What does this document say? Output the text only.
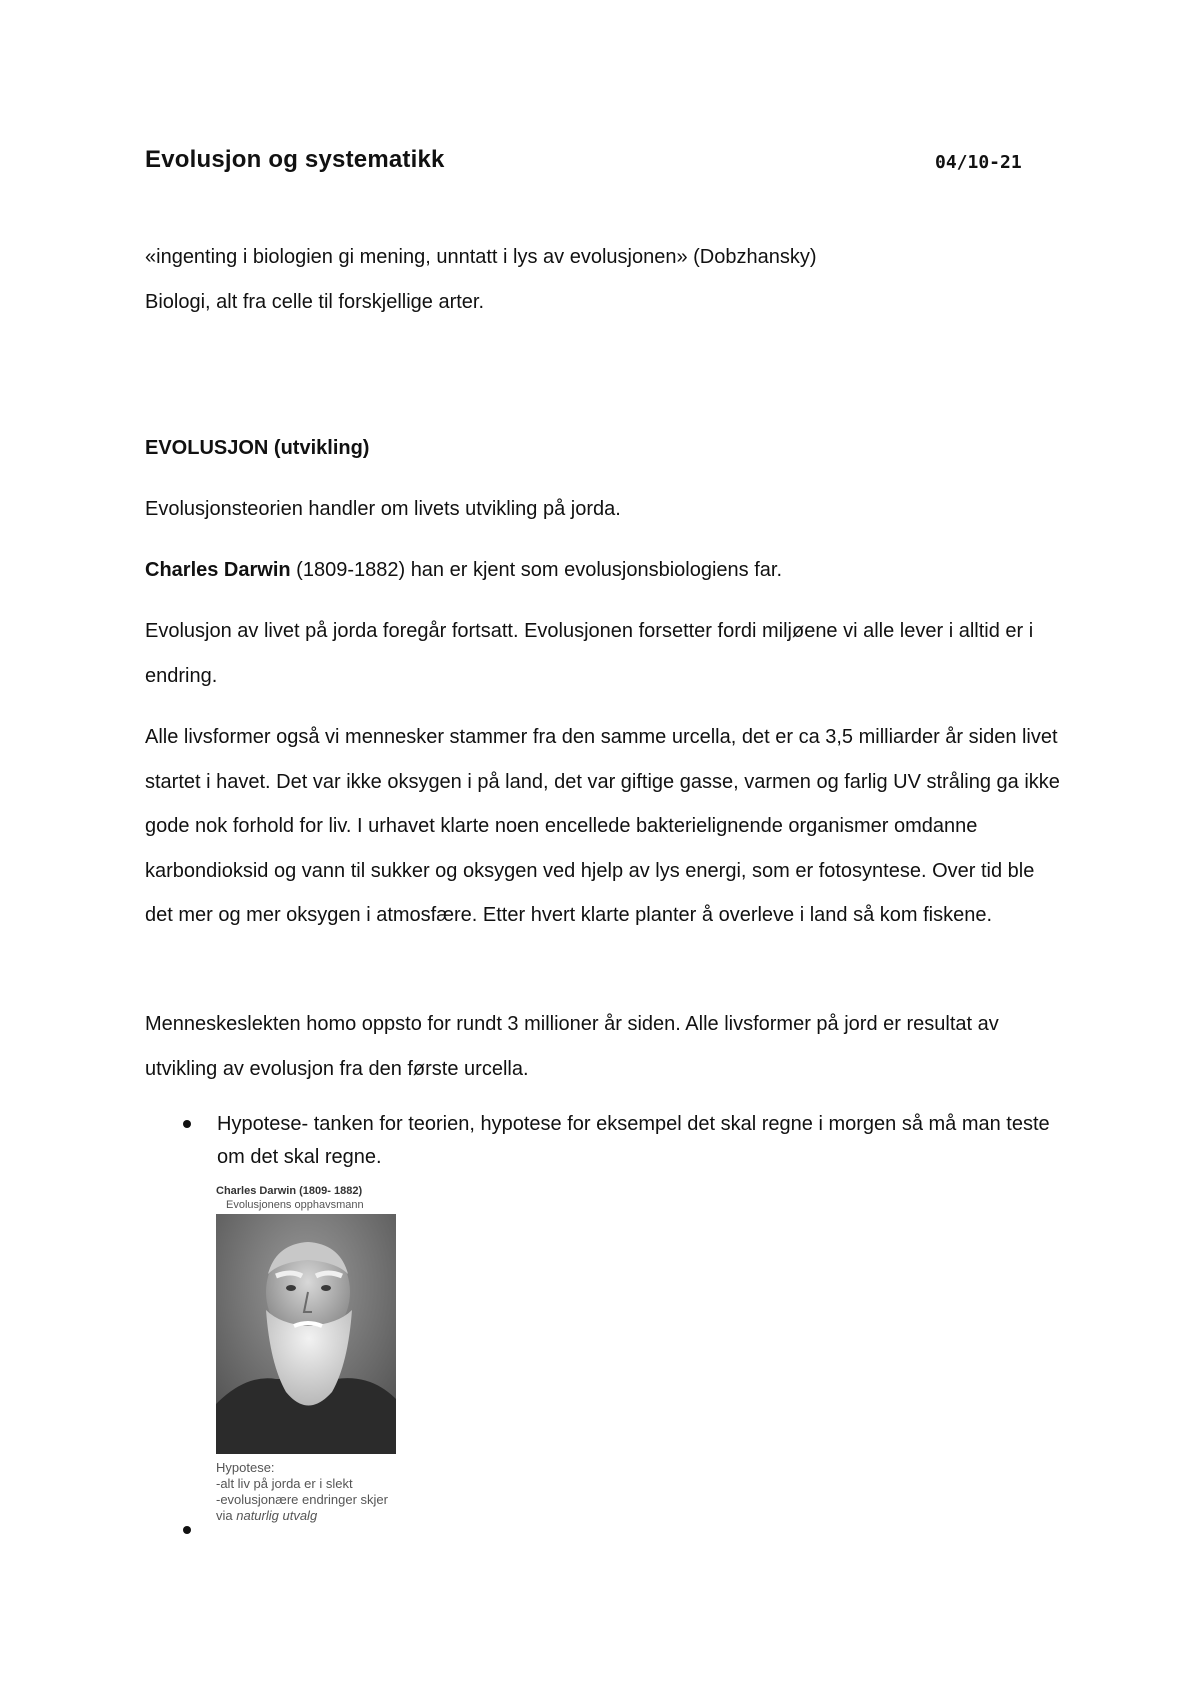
Evolusjon og systematikk	04/10-21
«ingenting i biologien gi mening, unntatt i lys av evolusjonen» (Dobzhansky)
Biologi, alt fra celle til forskjellige arter.
EVOLUSJON (utvikling)
Evolusjonsteorien handler om livets utvikling på jorda.
Charles Darwin (1809-1882) han er kjent som evolusjonsbiologiens far.
Evolusjon av livet på jorda foregår fortsatt. Evolusjonen forsetter fordi miljøene vi alle lever i alltid er i endring.
Alle livsformer også vi mennesker stammer fra den samme urcella, det er ca 3,5 milliarder år siden livet startet i havet. Det var ikke oksygen i på land, det var giftige gasse, varmen og farlig UV stråling ga ikke gode nok forhold for liv. I urhavet klarte noen encellede bakterielignende organismer omdanne karbondioksid og vann til sukker og oksygen ved hjelp av lys energi, som er fotosyntese. Over tid ble det mer og mer oksygen i atmosfære. Etter hvert klarte planter å overleve i land så kom fiskene.
Menneskeslekten homo oppsto for rundt 3 millioner år siden. Alle livsformer på jord er resultat av utvikling av evolusjon fra den første urcella.
Hypotese- tanken for teorien, hypotese for eksempel det skal regne i morgen så må man teste om det skal regne.
Charles Darwin (1809- 1882)
Evolusjonens opphavsmann
Hypotese:
-alt liv på jorda er i slekt
-evolusjonære endringer skjer
via naturlig utvalg
